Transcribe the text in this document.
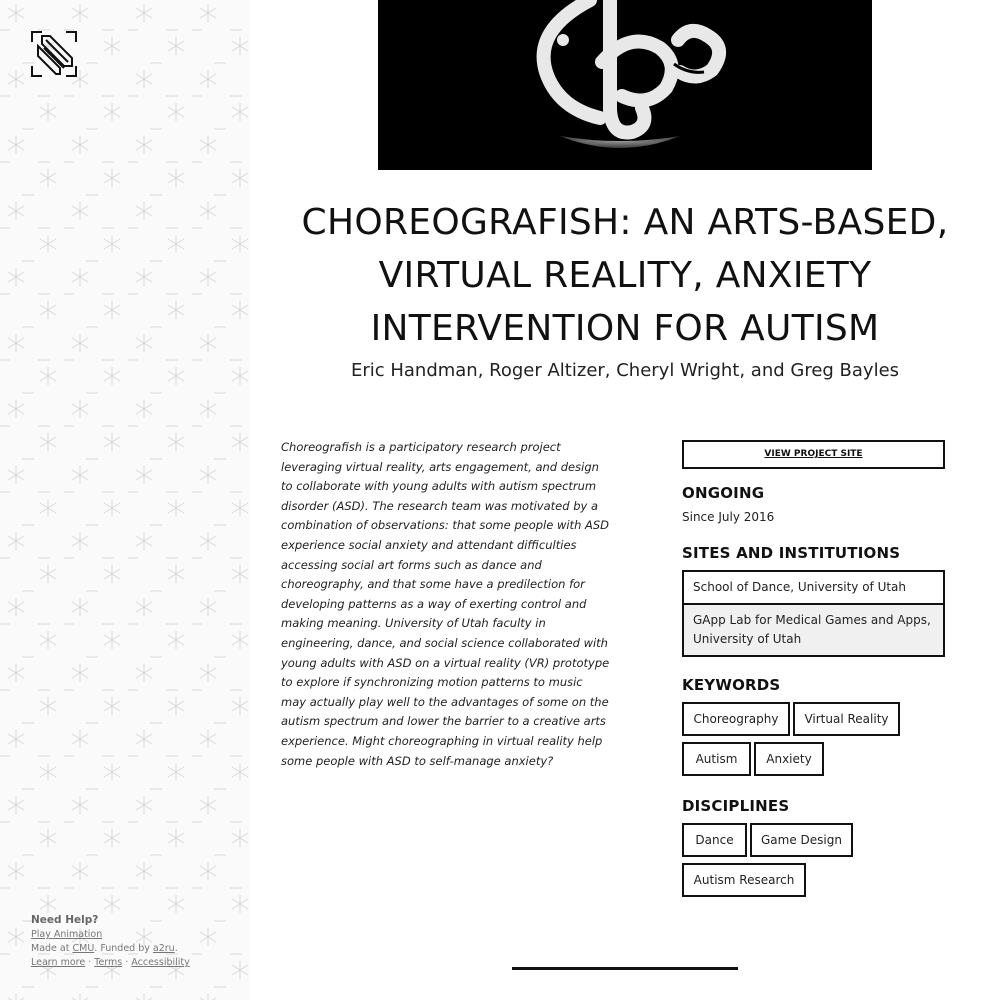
Need Help?
Play Animation
Made at CMU. Funded by a2ru.
Learn more · Terms · Accessibility
CHOREOGRAFISH: AN ARTS-BASED,
VIRTUAL REALITY, ANXIETY
INTERVENTION FOR AUTISM
Eric Handman, Roger Altizer, Cheryl Wright, and Greg Bayles

Choreografish is a participatory research project leveraging virtual reality, arts engagement, and design to collaborate with young adults with autism spectrum disorder (ASD). The research team was motivated by a combination of observations: that some people with ASD experience social anxiety and attendant difficulties accessing social art forms such as dance and choreography, and that some have a predilection for developing patterns as a way of exerting control and making meaning. University of Utah faculty in engineering, dance, and social science collaborated with young adults with ASD on a virtual reality (VR) prototype to explore if synchronizing motion patterns to music may actually play well to the advantages of some on the autism spectrum and lower the barrier to a creative arts experience. Might choreographing in virtual reality help some people with ASD to self-manage anxiety?

VIEW PROJECT SITE
ONGOING
Since July 2016
SITES AND INSTITUTIONS
School of Dance, University of Utah
GApp Lab for Medical Games and Apps, University of Utah
KEYWORDS
Choreography	Virtual Reality
Autism	Anxiety
DISCIPLINES
Dance	Game Design
Autism Research
